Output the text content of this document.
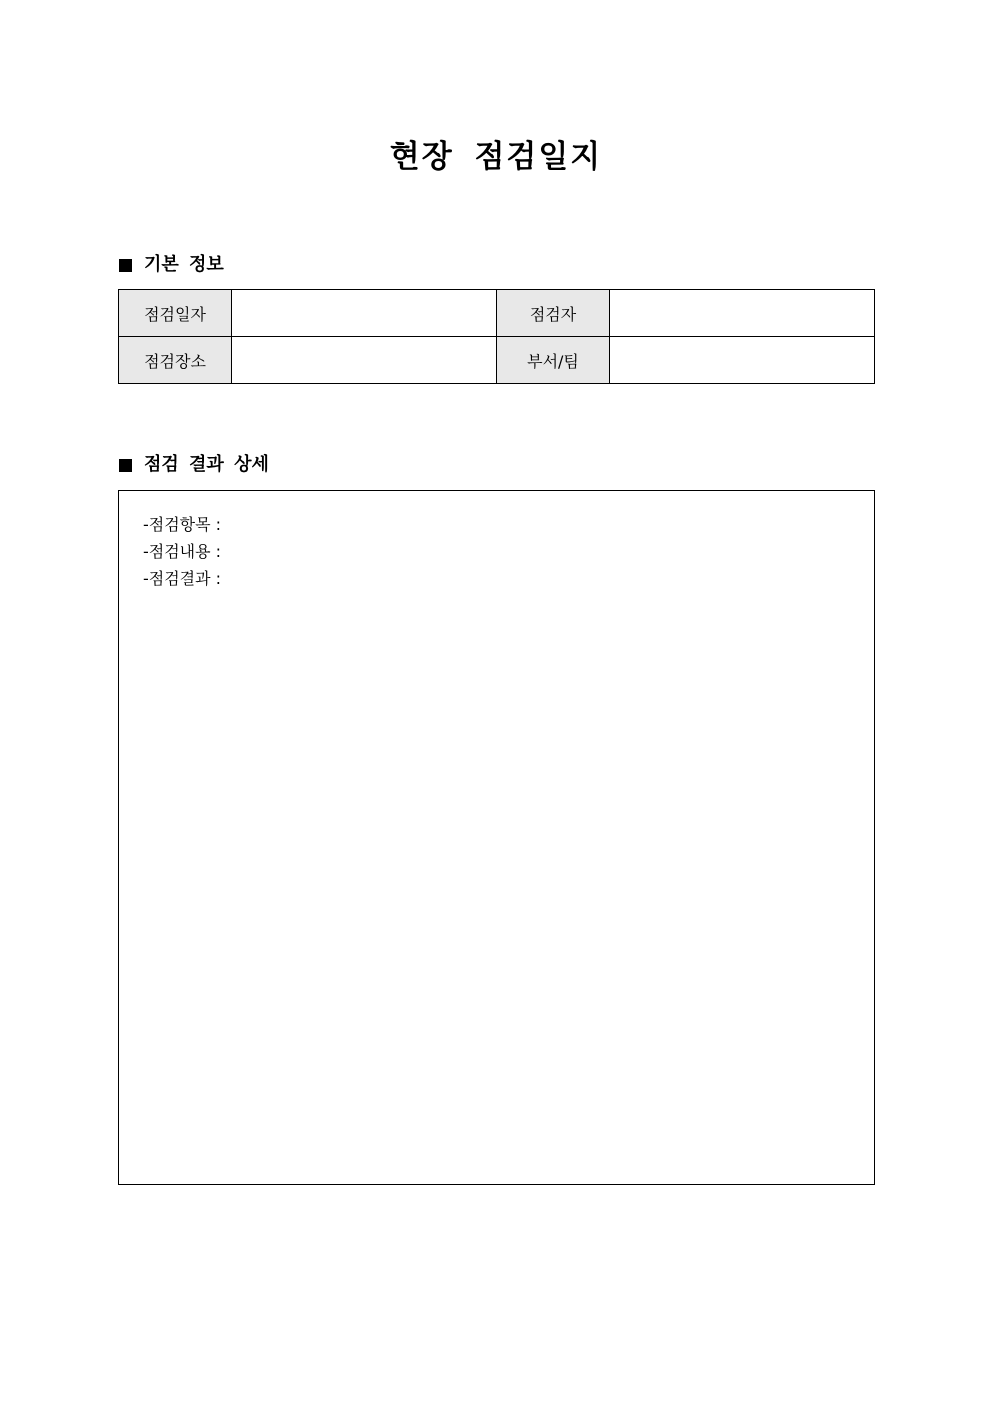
현장 점검일지
기본 정보
점검일자		점검자	
점검장소		부서/팀	
점검 결과 상세
-점검항목 :
-점검내용 :
-점검결과 :
